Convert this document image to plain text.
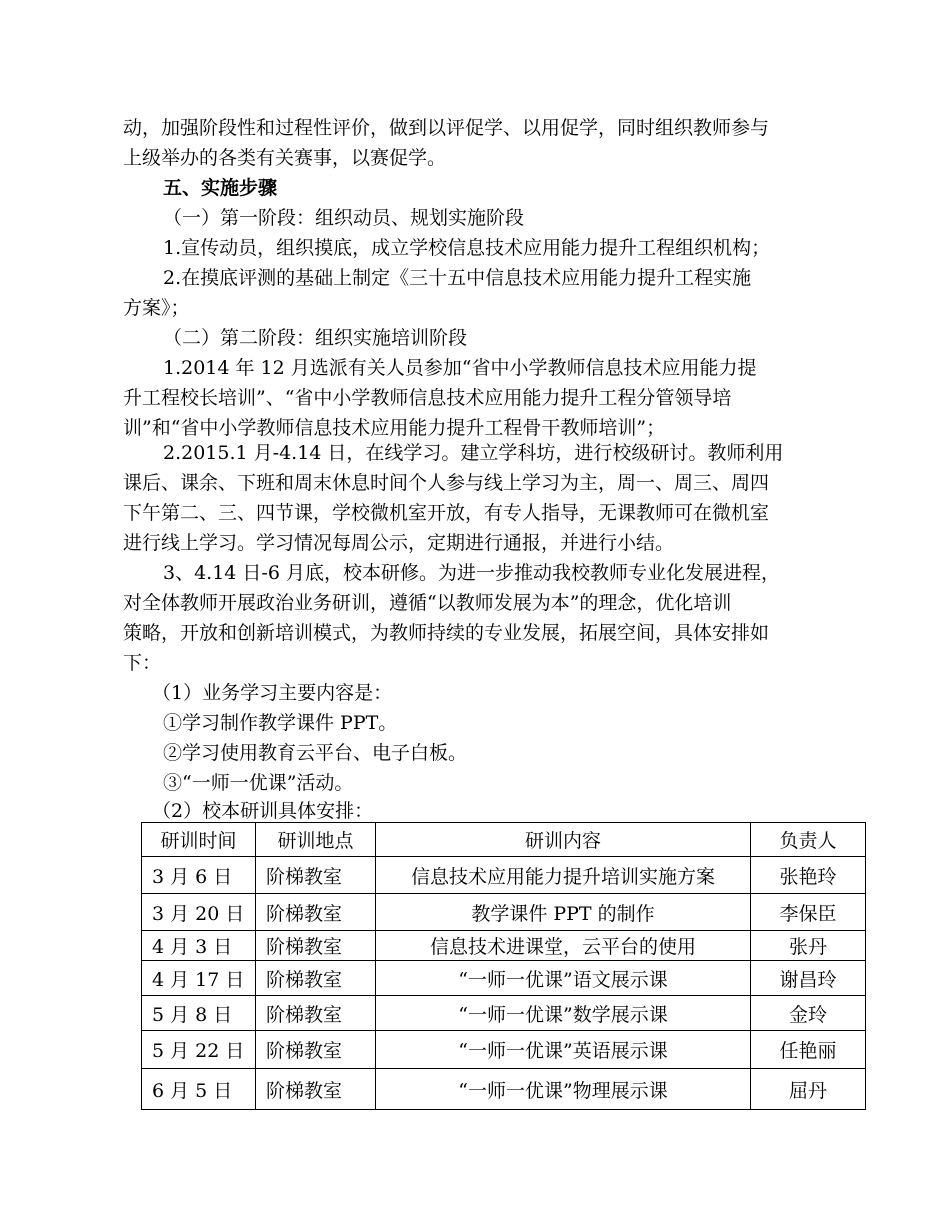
动，加强阶段性和过程性评价，做到以评促学、以用促学，同时组织教师参与
上级举办的各类有关赛事，以赛促学。
五、实施步骤
（一）第一阶段：组织动员、规划实施阶段
1.宣传动员，组织摸底，成立学校信息技术应用能力提升工程组织机构；
2.在摸底评测的基础上制定《三十五中信息技术应用能力提升工程实施
方案》；
（二）第二阶段：组织实施培训阶段
1.2014 年 12 月选派有关人员参加“省中小学教师信息技术应用能力提
升工程校长培训”、“省中小学教师信息技术应用能力提升工程分管领导培
训”和“省中小学教师信息技术应用能力提升工程骨干教师培训”；
2.2015.1 月-4.14 日，在线学习。建立学科坊，进行校级研讨。教师利用
课后、课余、下班和周末休息时间个人参与线上学习为主，周一、周三、周四
下午第二、三、四节课，学校微机室开放，有专人指导，无课教师可在微机室
进行线上学习。学习情况每周公示，定期进行通报，并进行小结。
3、4.14 日-6 月底，校本研修。为进一步推动我校教师专业化发展进程，
对全体教师开展政治业务研训，遵循“以教师发展为本”的理念，优化培训
策略，开放和创新培训模式，为教师持续的专业发展，拓展空间，具体安排如
下：
（1）业务学习主要内容是：
①学习制作教学课件 PPT。
②学习使用教育云平台、电子白板。
③“一师一优课”活动。
（2）校本研训具体安排：
研训时间	研训地点	研训内容	负责人
3 月 6 日	阶梯教室	信息技术应用能力提升培训实施方案	张艳玲
3 月 20 日	阶梯教室	教学课件 PPT 的制作	李保臣
4 月 3 日	阶梯教室	信息技术进课堂，云平台的使用	张丹
4 月 17 日	阶梯教室	“一师一优课”语文展示课	谢昌玲
5 月 8 日	阶梯教室	“一师一优课”数学展示课	金玲
5 月 22 日	阶梯教室	“一师一优课”英语展示课	任艳丽
6 月 5 日	阶梯教室	“一师一优课”物理展示课	屈丹
